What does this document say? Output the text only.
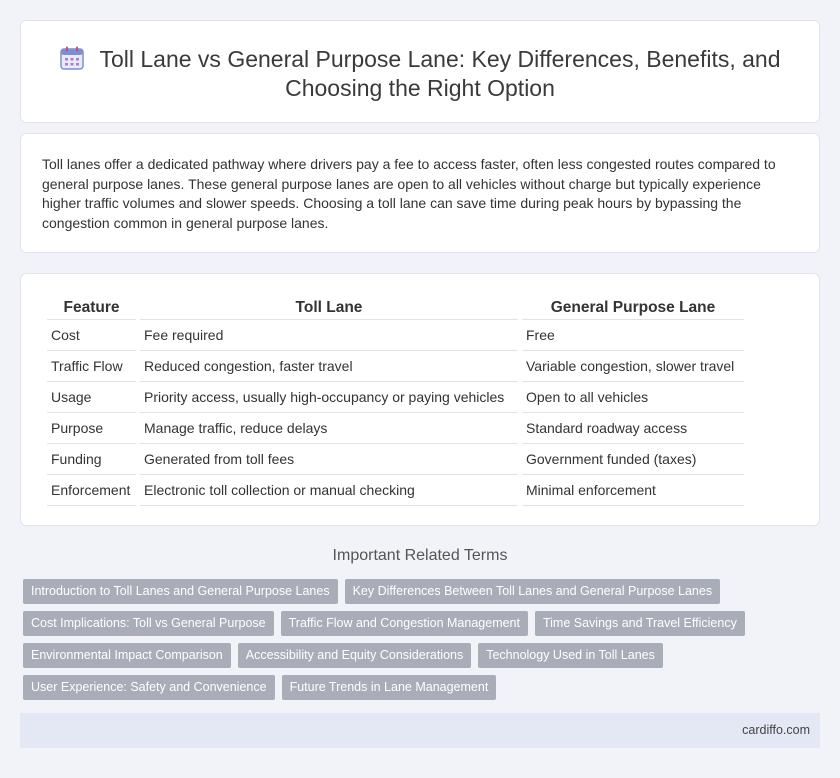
Toll Lane vs General Purpose Lane: Key Differences, Benefits, and Choosing the Right Option

Toll lanes offer a dedicated pathway where drivers pay a fee to access faster, often less congested routes compared to general purpose lanes. These general purpose lanes are open to all vehicles without charge but typically experience higher traffic volumes and slower speeds. Choosing a toll lane can save time during peak hours by bypassing the congestion common in general purpose lanes.

Feature	Toll Lane	General Purpose Lane
Cost	Fee required	Free
Traffic Flow	Reduced congestion, faster travel	Variable congestion, slower travel
Usage	Priority access, usually high-occupancy or paying vehicles	Open to all vehicles
Purpose	Manage traffic, reduce delays	Standard roadway access
Funding	Generated from toll fees	Government funded (taxes)
Enforcement	Electronic toll collection or manual checking	Minimal enforcement
Important Related Terms
Introduction to Toll Lanes and General Purpose Lanes	Key Differences Between Toll Lanes and General Purpose Lanes
Cost Implications: Toll vs General Purpose	Traffic Flow and Congestion Management	Time Savings and Travel Efficiency
Environmental Impact Comparison	Accessibility and Equity Considerations	Technology Used in Toll Lanes
User Experience: Safety and Convenience	Future Trends in Lane Management
cardiffo.com
